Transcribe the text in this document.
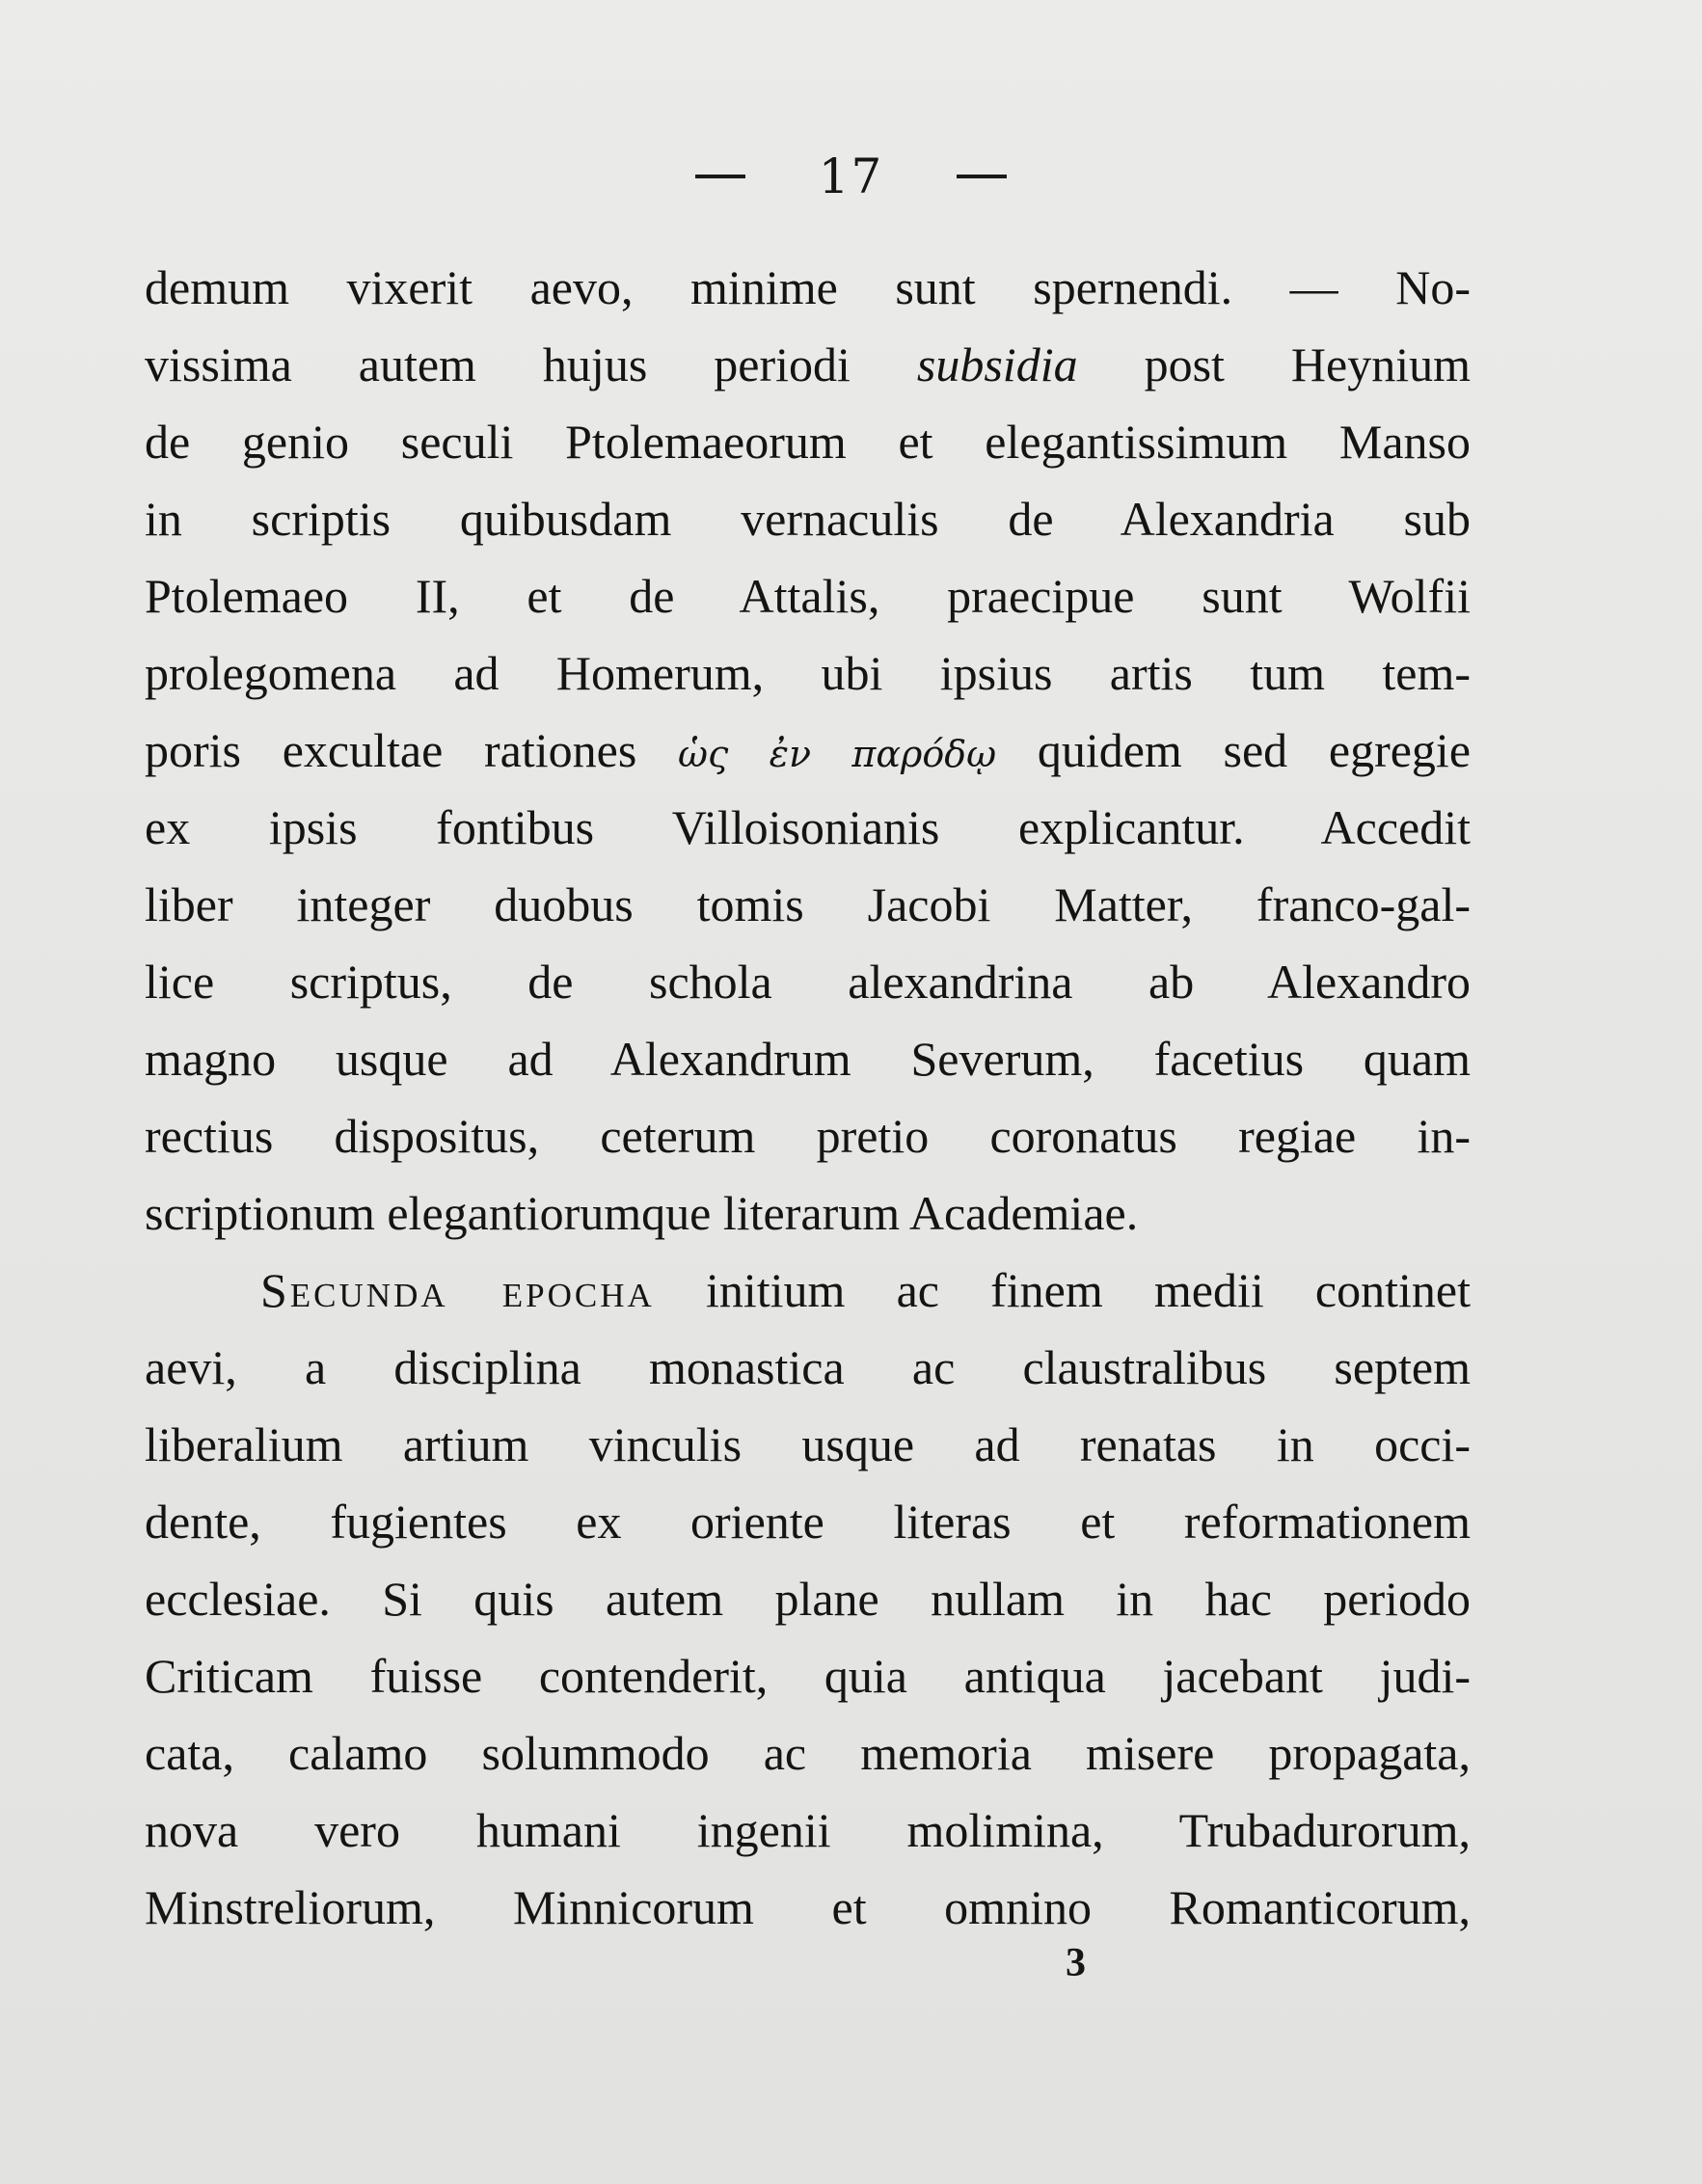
17
demum vixerit aevo, minime sunt spernendi. — No-
vissima autem hujus periodi subsidia post Heynium
de genio seculi Ptolemaeorum et elegantissimum Manso
in scriptis quibusdam vernaculis de Alexandria sub
Ptolemaeo II, et de Attalis, praecipue sunt Wolfii
prolegomena ad Homerum, ubi ipsius artis tum tem-
poris excultae rationes ὡς ἐν παρόδῳ quidem sed egregie
ex ipsis fontibus Villoisonianis explicantur. Accedit
liber integer duobus tomis Jacobi Matter, franco-gal-
lice scriptus, de schola alexandrina ab Alexandro
magno usque ad Alexandrum Severum, facetius quam
rectius dispositus, ceterum pretio coronatus regiae in-
scriptionum elegantiorumque literarum Academiae.
Secunda epocha initium ac finem medii continet
aevi, a disciplina monastica ac claustralibus septem
liberalium artium vinculis usque ad renatas in occi-
dente, fugientes ex oriente literas et reformationem
ecclesiae. Si quis autem plane nullam in hac periodo
Criticam fuisse contenderit, quia antiqua jacebant judi-
cata, calamo solummodo ac memoria misere propagata,
nova vero humani ingenii molimina, Trubadurorum,
Minstreliorum, Minnicorum et omnino Romanticorum,
3
